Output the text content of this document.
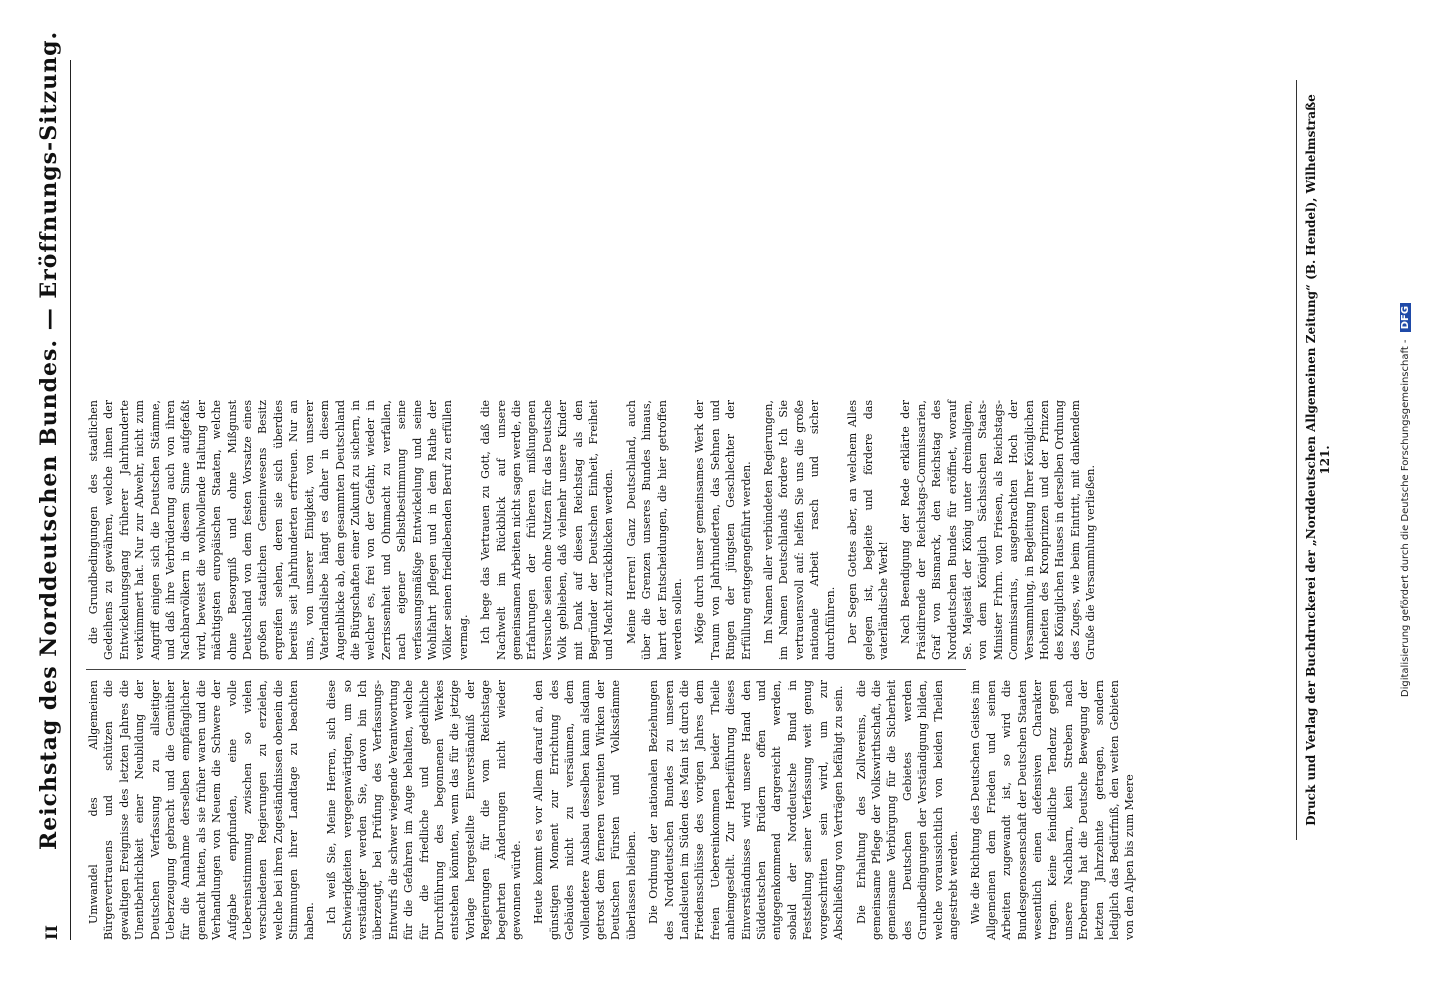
II
Reichstag des Norddeutschen Bundes. — Eröffnungs-Sitzung. Umwandel des Allgemeinen Bürgervertrauens und schützen die gewaltigen Ereignisse des letzten Jahres die Unentbehrlichkeit einer Neubildung der Deutschen Verfassung zu allseitiger Ueberzeugung gebracht und die Gemüther für die Annahme derselben empfänglicher gemacht hatten, als sie früher waren und die Verhandlungen von Neuem die Schwere der Aufgabe empfunden, eine volle Uebereinstimmung zwischen so vielen verschiedenen Regierungen zu erzielen, welche bei ihren Zugeständnissen obenein die Stimmungen ihrer Landtage zu beachten haben. Ich weiß Sie, Meine Herren, sich diese Schwierigkeiten vergegenwärtigen, um so verständiger werden Sie, davon bin Ich überzeugt, bei Prüfung des Verfassungs-Entwurfs die schwer wiegende Verantwortung für die Gefahren im Auge behalten, welche für die friedliche und gedeihliche Durchführung des begonnenen Werkes entstehen könnten, wenn das für die jetzige Vorlage hergestellte Einverständniß der Regierungen für die vom Reichstage begehrten Änderungen nicht wieder gewonnen würde. Heute kommt es vor Allem darauf an, den günstigen Moment zur Errichtung des Gebäudes nicht zu versäumen, dem vollendetere Ausbau desselben kann alsdann getrost dem ferneren vereinten Wirken der Deutschen Fürsten und Volksstämme überlassen bleiben. Die Ordnung der nationalen Beziehungen des Norddeutschen Bundes zu unseren Landsleuten im Süden des Main ist durch die Friedensschlüsse des vorigen Jahres dem freien Uebereinkommen beider Theile anheimgestellt. Zur Herbeiführung dieses Einverständnisses wird unsere Hand den Süddeutschen Brüdern offen und entgegenkommend dargereicht werden, sobald der Norddeutsche Bund in Feststellung seiner Verfassung weit genug vorgeschritten sein wird, um zur Abschließung von Verträgen befähigt zu sein. Die Erhaltung des Zollvereins, die gemeinsame Pflege der Volkswirthschaft, die gemeinsame Verbürgung für die Sicherheit des Deutschen Gebietes werden Grundbedingungen der Verständigung bilden, welche voraussichtlich von beiden Theilen angestrebt werden. Wie die Richtung des Deutschen Geistes im Allgemeinen dem Frieden und seinen Arbeiten zugewandt ist, so wird die Bundesgenossenschaft der Deutschen Staaten wesentlich einen defensiven Charakter tragen. Keine feindliche Tendenz gegen unsere Nachbarn, kein Streben nach Eroberung hat die Deutsche Bewegung der letzten Jahrzehnte getragen, sondern lediglich das Bedürfniß, den weiten Gebieten von den Alpen bis zum Meere

die Grundbedingungen des staatlichen Gedeihens zu gewähren, welche ihnen der Entwickelungsgang früherer Jahrhunderte verkümmert hat. Nur zur Abwehr, nicht zum Angriff einigen sich die Deutschen Stämme, und daß ihre Verbrüderung auch von ihren Nachbarvölkern in diesem Sinne aufgefaßt wird, beweist die wohlwollende Haltung der mächtigsten europäischen Staaten, welche ohne Besorgniß und ohne Mißgunst Deutschland von dem festen Vorsatze eines großen staatlichen Gemeinwesens Besitz ergreifen sehen, deren sie sich überdies bereits seit Jahrhunderten erfreuen. Nur an uns, von unserer Einigkeit, von unserer Vaterlandsliebe hängt es daher in diesem Augenblicke ab, dem gesammten Deutschland die Bürgschaften einer Zukunft zu sichern, in welcher es, frei von der Gefahr, wieder in Zerrissenheit und Ohnmacht zu verfallen, nach eigener Selbstbestimmung seine verfassungsmäßige Entwickelung und seine Wohlfahrt pflegen und in dem Rathe der Völker seinen friedliebenden Beruf zu erfüllen vermag. Ich hege das Vertrauen zu Gott, daß die Nachwelt im Rückblick auf unsere gemeinsamen Arbeiten nicht sagen werde, die Erfahrungen der früheren mißlungenen Versuche seien ohne Nutzen für das Deutsche Volk geblieben, daß vielmehr unsere Kinder mit Dank auf diesen Reichstag als den Begründer der Deutschen Einheit, Freiheit und Macht zurückblicken werden. Meine Herren! Ganz Deutschland, auch über die Grenzen unseres Bundes hinaus, harrt der Entscheidungen, die hier getroffen werden sollen. Möge durch unser gemeinsames Werk der Traum von Jahrhunderten, das Sehnen und Ringen der jüngsten Geschlechter der Erfüllung entgegengeführt werden. Im Namen aller verbündeten Regierungen, im Namen Deutschlands fordere Ich Sie vertrauensvoll auf: helfen Sie uns die große nationale Arbeit rasch und sicher durchführen. Der Segen Gottes aber, an welchem Alles gelegen ist, begleite und fördere das vaterländische Werk! Nach Beendigung der Rede erklärte der Präsidirende der Reichstags-Commissarien, Graf von Bismarck, den Reichstag des Norddeutschen Bundes für eröffnet, worauf Se. Majestät der König unter dreimaligem, von dem Königlich Sächsischen Staats-Minister Frhrn. von Friesen, als Reichstags-Commissarius, ausgebrachten Hoch der Versammlung, in Begleitung Ihrer Königlichen Hoheiten des Kronprinzen und der Prinzen des Königlichen Hauses in derselben Ordnung des Zuges, wie beim Eintritt, mit dankendem Gruße die Versammlung verließen.	Druck und Verlag der Buchdruckerei der „Norddeutschen Allgemeinen Zeitung“ (B. Hendel), Wilhelmstraße 121.	Digitalisierung gefördert durch die Deutsche Forschungsgemeinschaft - DFG
